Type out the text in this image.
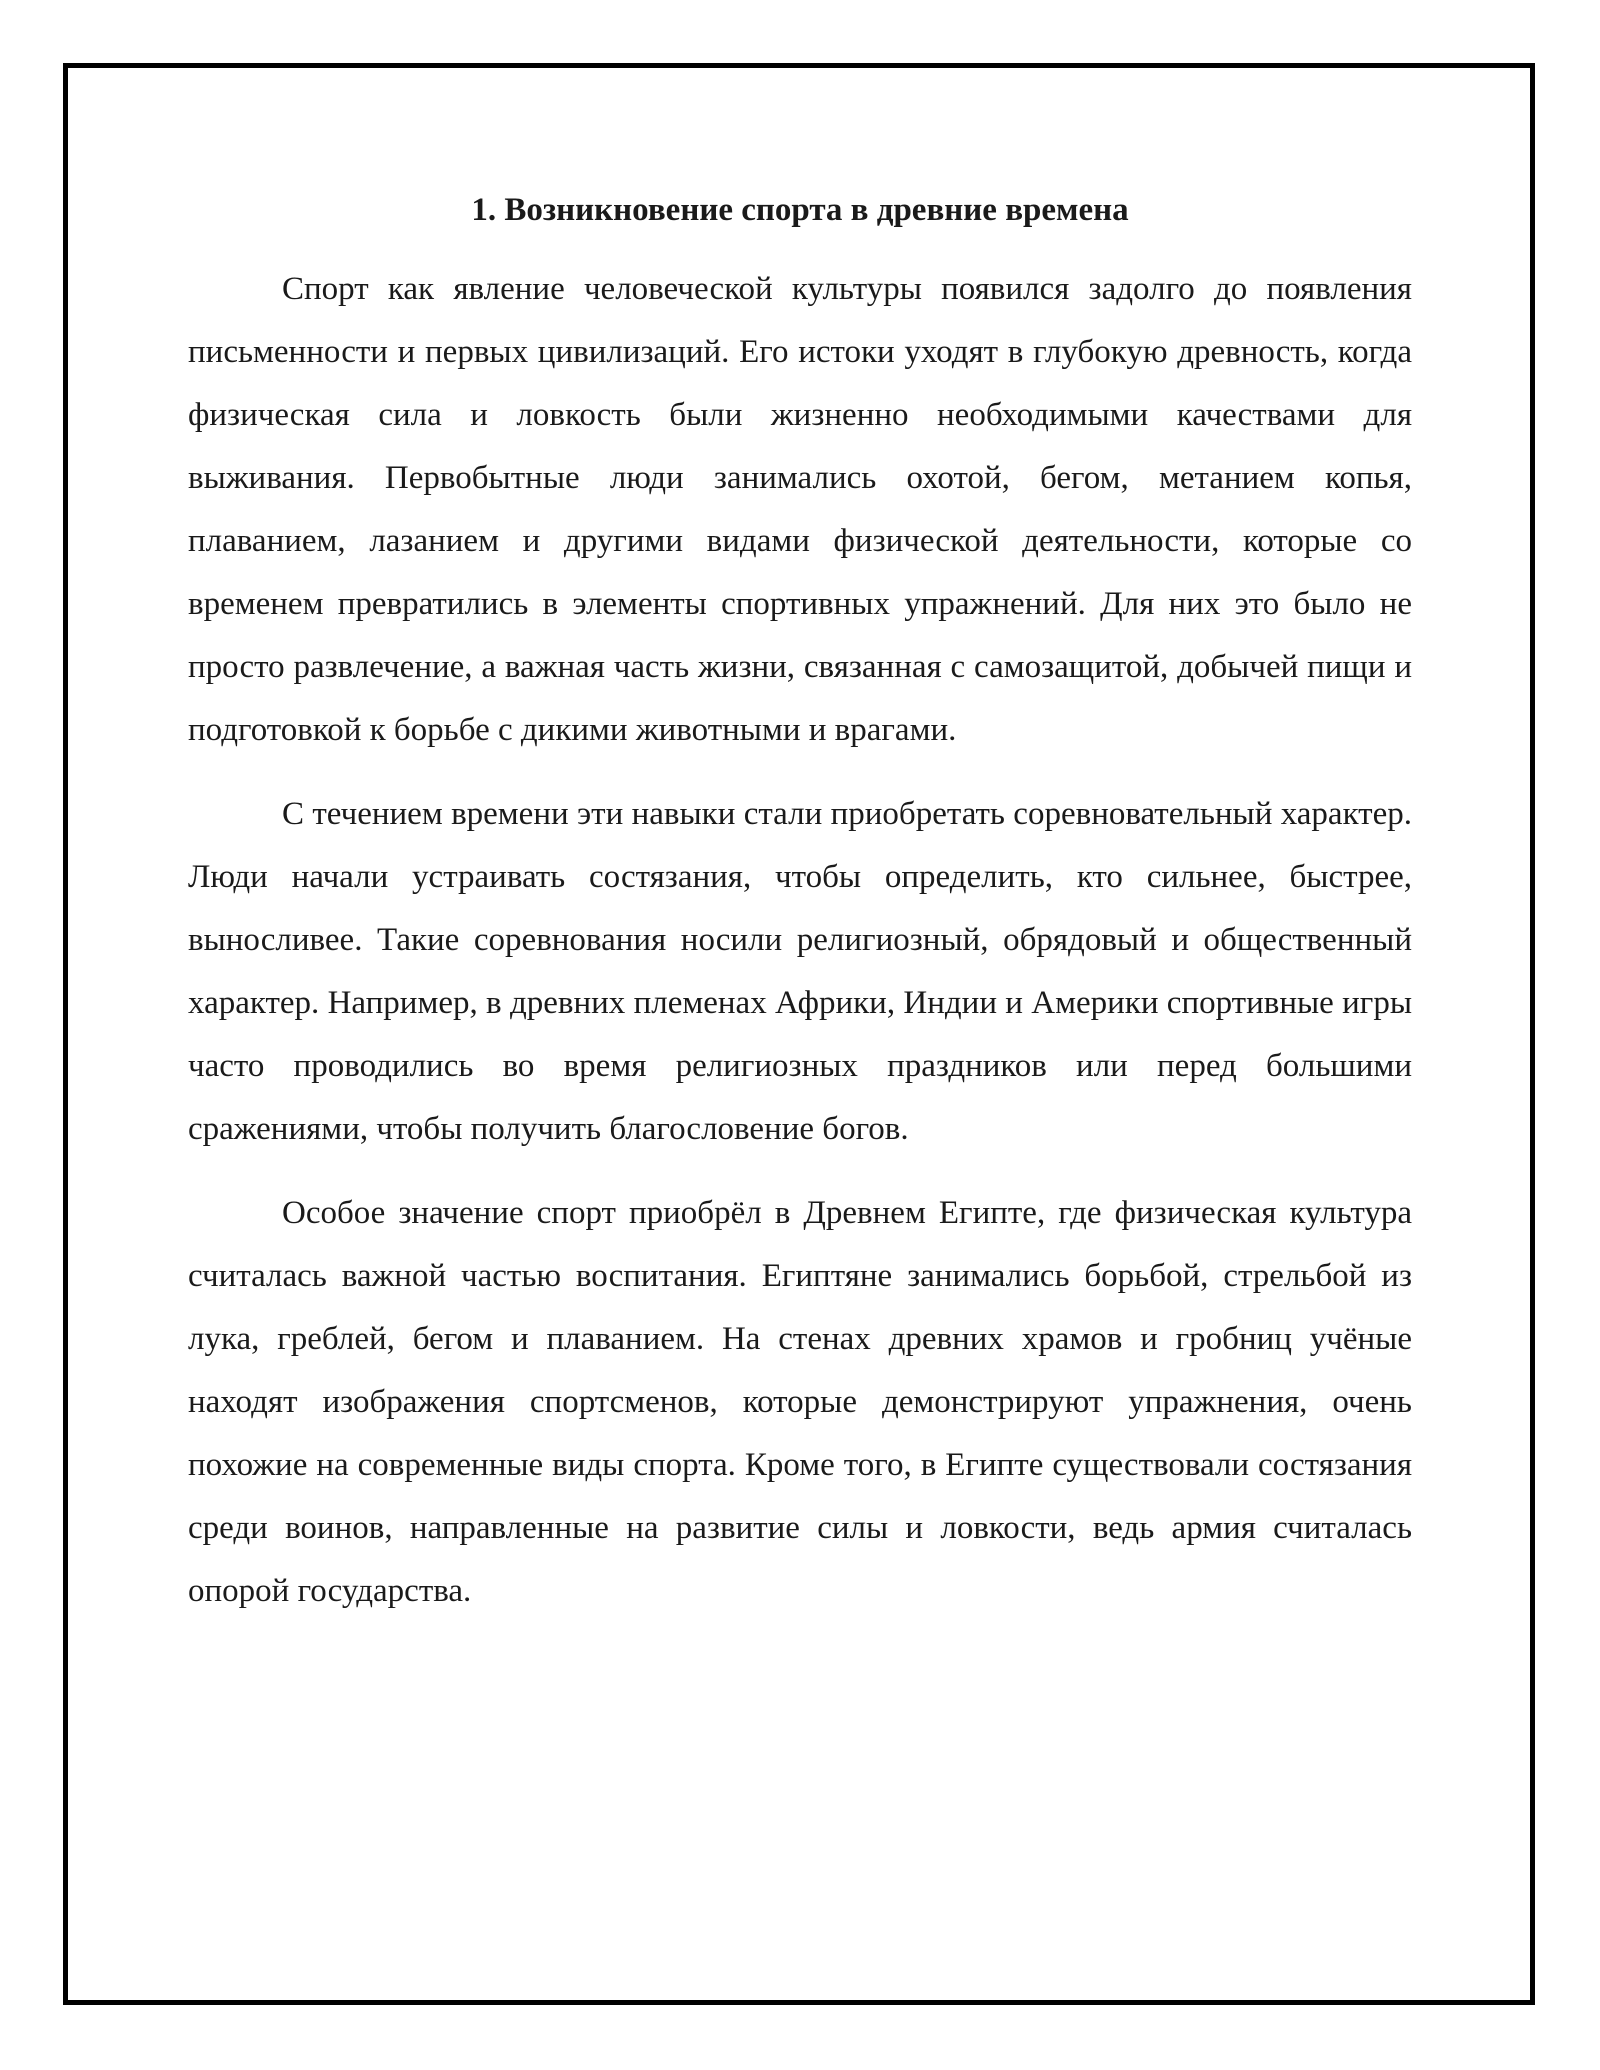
1. Возникновение спорта в древние времена

Спорт как явление человеческой культуры появился задолго до появления письменности и первых цивилизаций. Его истоки уходят в глубокую древность, когда физическая сила и ловкость были жизненно необходимыми качествами для выживания. Первобытные люди занимались охотой, бегом, метанием копья, плаванием, лазанием и другими видами физической деятельности, которые со временем превратились в элементы спортивных упражнений. Для них это было не просто развлечение, а важная часть жизни, связанная с самозащитой, добычей пищи и подготовкой к борьбе с дикими животными и врагами.

С течением времени эти навыки стали приобретать соревновательный характер. Люди начали устраивать состязания, чтобы определить, кто сильнее, быстрее, выносливее. Такие соревнования носили религиозный, обрядовый и общественный характер. Например, в древних племенах Африки, Индии и Америки спортивные игры часто проводились во время религиозных праздников или перед большими сражениями, чтобы получить благословение богов.

Особое значение спорт приобрёл в Древнем Египте, где физическая культура считалась важной частью воспитания. Египтяне занимались борьбой, стрельбой из лука, греблей, бегом и плаванием. На стенах древних храмов и гробниц учёные находят изображения спортсменов, которые демонстрируют упражнения, очень похожие на современные виды спорта. Кроме того, в Египте существовали состязания среди воинов, направленные на развитие силы и ловкости, ведь армия считалась опорой государства.
